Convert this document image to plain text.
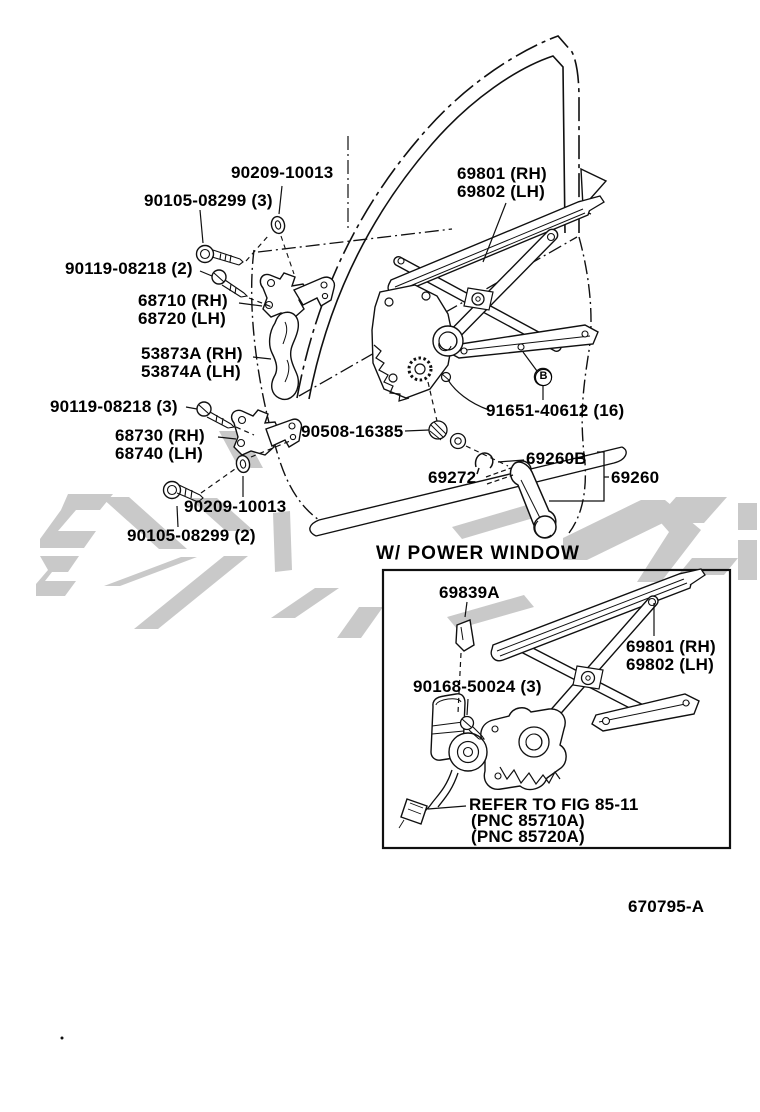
90209-10013
90105-08299 (3)
90119-08218 (2)
68710 (RH)
68720 (LH)
53873A (RH)
53874A (LH)
90119-08218 (3)
68730 (RH)
68740 (LH)
90508-16385
90209-10013
90105-08299 (2)
69801 (RH)
69802 (LH)
91651-40612 (16)
69260B
69272	69260
B
W/ POWER WINDOW
69839A
90168-50024 (3)
69801 (RH)
69802 (LH)
REFER TO FIG 85-11
(PNC 85710A)
(PNC 85720A)
670795-A
